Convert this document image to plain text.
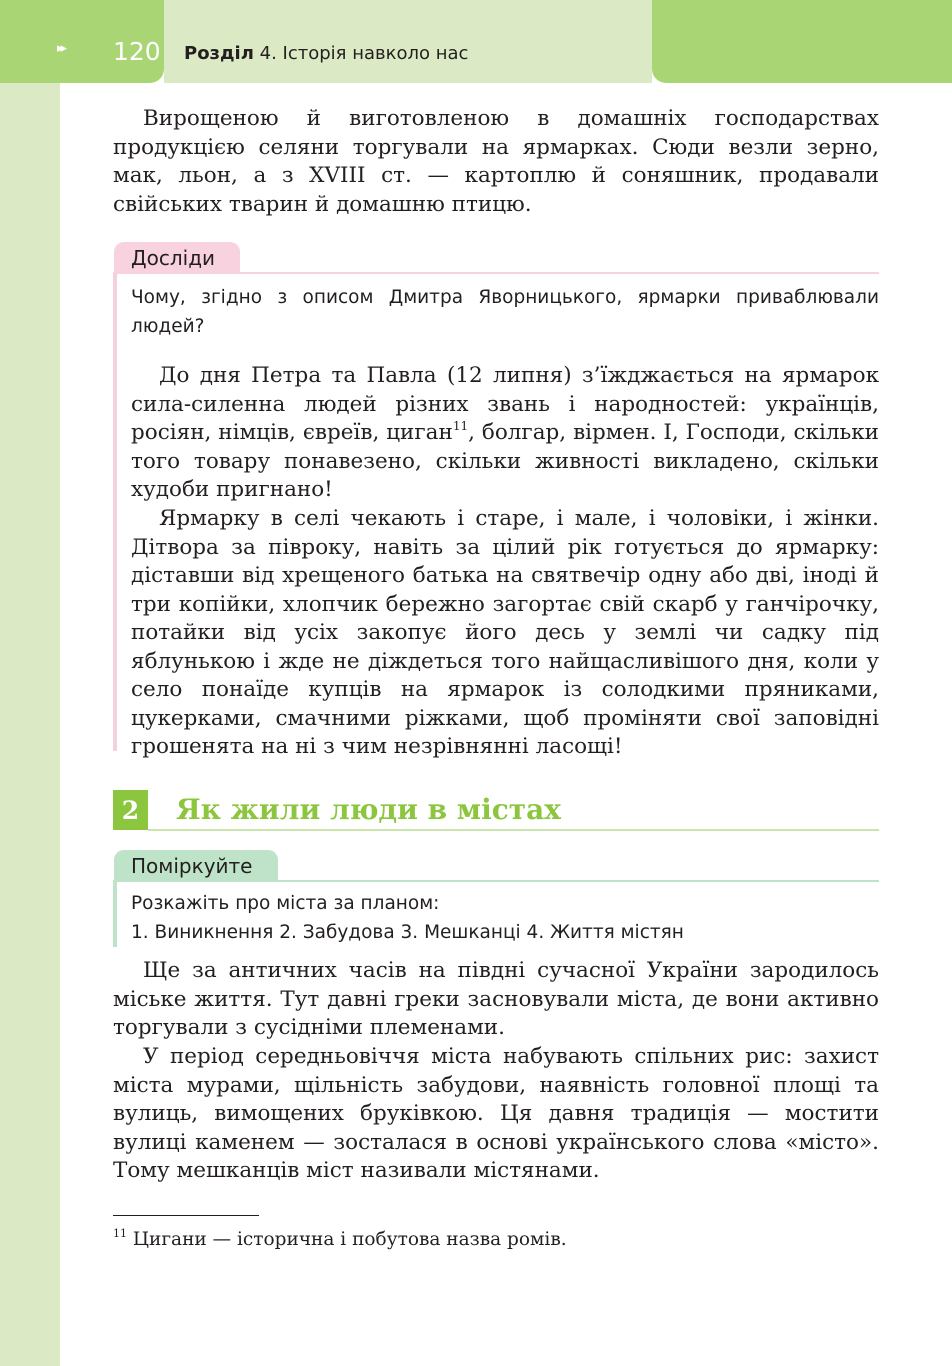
▸▸ 120 Розділ 4. Історія навколо нас

Вирощеною й виготовленою в домашніх господарствах продукцією селяни торгували на ярмарках. Сюди везли зерно, мак, льон, а з XVIII ст. — картоплю й соняшник, продавали свійських тварин й домашню птицю.

Досліди

Чому, згідно з описом Дмитра Яворницького, ярмарки приваблювали людей?

До дня Петра та Павла (12 липня) з’їжджається на ярмарок сила-силенна людей різних звань і народностей: українців, росіян, німців, євреїв, циган$^{11}$, болгар, вірмен. І, Господи, скільки того товару понавезено, скільки живності викладено, скільки худоби пригнано!

Ярмарку в селі чекають і старе, і мале, і чоловіки, і жінки. Дітвора за півроку, навіть за цілий рік готується до ярмарку: діставши від хрещеного батька на святвечір одну або дві, іноді й три копійки, хлопчик бережно загортає свій скарб у ганчірочку, потайки від усіх закопує його десь у землі чи садку під яблунькою і жде не діждеться того найщасливішого дня, коли у село понаїде купців на ярмарок із солодкими пряниками, цукерками, смачними ріжками, щоб проміняти свої заповідні грошенята на ні з чим незрівнянні ласощі!

2	Як жили люди в містах
Поміркуйте
Розкажіть про міста за планом:
1. Виникнення 2. Забудова 3. Мешканці 4. Життя містян

Ще за античних часів на півдні сучасної України зародилось міське життя. Тут давні греки засновували міста, де вони активно торгували з сусідніми племенами.

У період середньовіччя міста набувають спільних рис: захист міста мурами, щільність забудови, наявність головної площі та вулиць, вимощених бруківкою. Ця давня традиція — мостити вулиці каменем — зосталася в основі українського слова «місто». Тому мешканців міст називали містянами.

$^{11}$ Цигани — історична і побутова назва ромів.
